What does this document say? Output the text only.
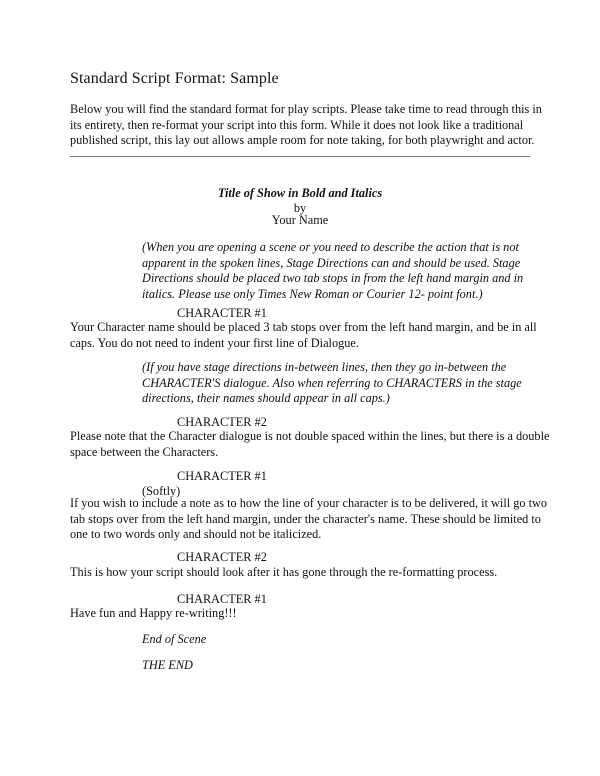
Standard Script Format: Sample
Below you will find the standard format for play scripts. Please take time to read through this in
its entirety, then re-format your script into this form. While it does not look like a traditional
published script, this lay out allows ample room for note taking, for both playwright and actor.
Title of Show in Bold and Italics
by
Your Name
(When you are opening a scene or you need to describe the action that is not
apparent in the spoken lines, Stage Directions can and should be used. Stage
Directions should be placed two tab stops in from the left hand margin and in
italics. Please use only Times New Roman or Courier 12- point font.)
CHARACTER #1
Your Character name should be placed 3 tab stops over from the left hand margin, and be in all
caps. You do not need to indent your first line of Dialogue.
(If you have stage directions in-between lines, then they go in-between the
CHARACTER'S dialogue. Also when referring to CHARACTERS in the stage
directions, their names should appear in all caps.)
CHARACTER #2
Please note that the Character dialogue is not double spaced within the lines, but there is a double
space between the Characters.
CHARACTER #1
(Softly)
If you wish to include a note as to how the line of your character is to be delivered, it will go two
tab stops over from the left hand margin, under the character's name. These should be limited to
one to two words only and should not be italicized.
CHARACTER #2
This is how your script should look after it has gone through the re-formatting process.
CHARACTER #1
Have fun and Happy re-writing!!!
End of Scene
THE END
